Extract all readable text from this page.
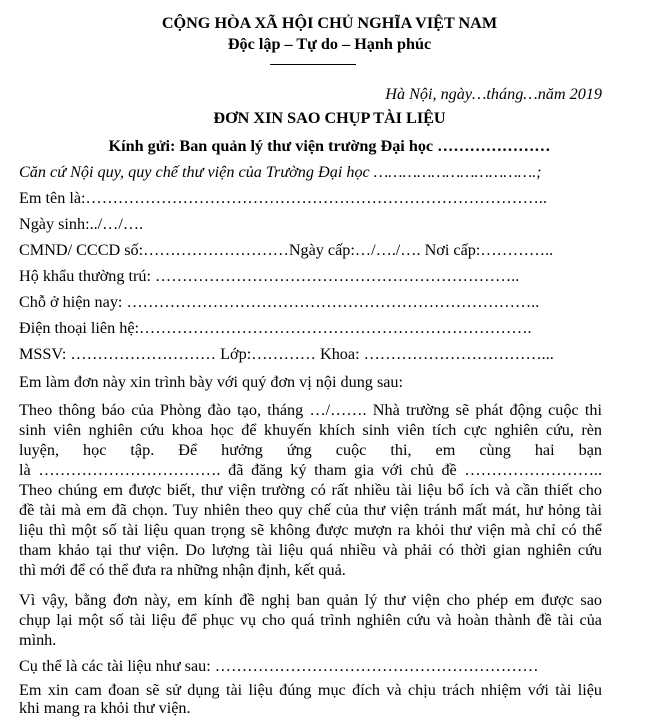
CỘNG HÒA XÃ HỘI CHỦ NGHĨA VIỆT NAM
Độc lập – Tự do – Hạnh phúc
Hà Nội, ngày…tháng…năm 2019
ĐƠN XIN SAO CHỤP TÀI LIỆU
Kính gửi: Ban quản lý thư viện trường Đại học …………………
Căn cứ Nội quy, quy chế thư viện của Trường Đại học …………………………….;
Em tên là:…………………………………………………………………………..
Ngày sinh:../…/….
CMND/ CCCD số:………………………Ngày cấp:…/…./…. Nơi cấp:…………..
Hộ khẩu thường trú: …………………………………………………………..
Chỗ ở hiện nay: …………………………………………………………………..
Điện thoại liên hệ:……………………………………………………………….
MSSV: ……………………… Lớp:………… Khoa: ……………………………...
Em làm đơn này xin trình bày với quý đơn vị nội dung sau:
Theo thông báo của Phòng đào tạo, tháng …/……. Nhà trường sẽ phát động cuộc thi
sinh viên nghiên cứu khoa học để khuyến khích sinh viên tích cực nghiên cứu, rèn
luyện, học tập. Để hưởng ứng cuộc thi, em cùng hai bạn
là ……………………………. đã đăng ký tham gia với chủ đề ……………………..
Theo chúng em được biết, thư viện trường có rất nhiều tài liệu bổ ích và cần thiết cho
đề tài mà em đã chọn. Tuy nhiên theo quy chế của thư viện tránh mất mát, hư hỏng tài
liệu thì một số tài liệu quan trọng sẽ không được mượn ra khỏi thư viện mà chỉ có thể
tham khảo tại thư viện. Do lượng tài liệu quá nhiều và phải có thời gian nghiên cứu
thì mới để có thể đưa ra những nhận định, kết quả.
Vì vậy, bằng đơn này, em kính đề nghị ban quản lý thư viện cho phép em được sao
chụp lại một số tài liệu để phục vụ cho quá trình nghiên cứu và hoàn thành đề tài của
mình.
Cụ thể là các tài liệu như sau: ……………………………………………………
Em xin cam đoan sẽ sử dụng tài liệu đúng mục đích và chịu trách nhiệm với tài liệu
khi mang ra khỏi thư viện.
